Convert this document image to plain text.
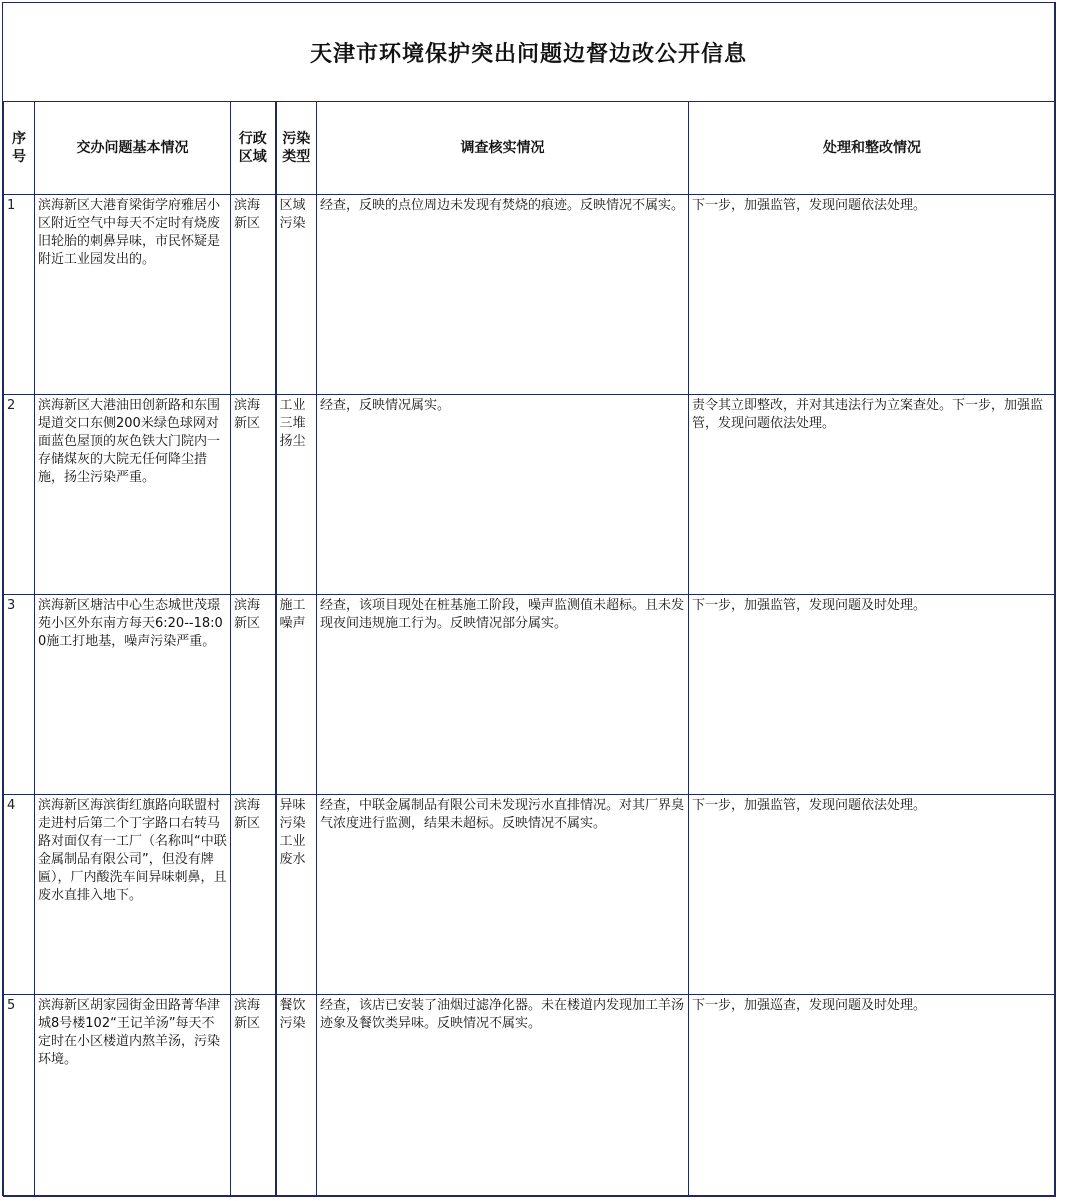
天津市环境保护突出问题边督边改公开信息
序号	交办问题基本情况	行政区域	污染类型	调查核实情况	处理和整改情况
1	滨海新区大港育梁街学府雅居小区附近空气中每天不定时有烧废旧轮胎的刺鼻异味，市民怀疑是附近工业园发出的。	滨海新区	区域污染	经查，反映的点位周边未发现有焚烧的痕迹。反映情况不属实。	下一步，加强监管，发现问题依法处理。
2	滨海新区大港油田创新路和东围堤道交口东侧200米绿色球网对面蓝色屋顶的灰色铁大门院内一存储煤灰的大院无任何降尘措施，扬尘污染严重。	滨海新区	工业三堆扬尘	经查，反映情况属实。	责令其立即整改，并对其违法行为立案查处。下一步，加强监管，发现问题依法处理。
3	滨海新区塘沽中心生态城世茂璟苑小区外东南方每天6:20--18:00施工打地基，噪声污染严重。	滨海新区	施工噪声	经查，该项目现处在桩基施工阶段，噪声监测值未超标。且未发现夜间违规施工行为。反映情况部分属实。	下一步，加强监管，发现问题及时处理。
4	滨海新区海滨街红旗路向联盟村走进村后第二个丁字路口右转马路对面仅有一工厂（名称叫“中联金属制品有限公司”，但没有牌匾），厂内酸洗车间异味刺鼻，且废水直排入地下。	滨海新区	异味污染工业废水	经查，中联金属制品有限公司未发现污水直排情况。对其厂界臭气浓度进行监测，结果未超标。反映情况不属实。	下一步，加强监管，发现问题依法处理。
5	滨海新区胡家园街金田路菁华津城8号楼102“王记羊汤”每天不定时在小区楼道内熬羊汤，污染环境。	滨海新区	餐饮污染	经查，该店已安装了油烟过滤净化器。未在楼道内发现加工羊汤迹象及餐饮类异味。反映情况不属实。	下一步，加强巡查，发现问题及时处理。
